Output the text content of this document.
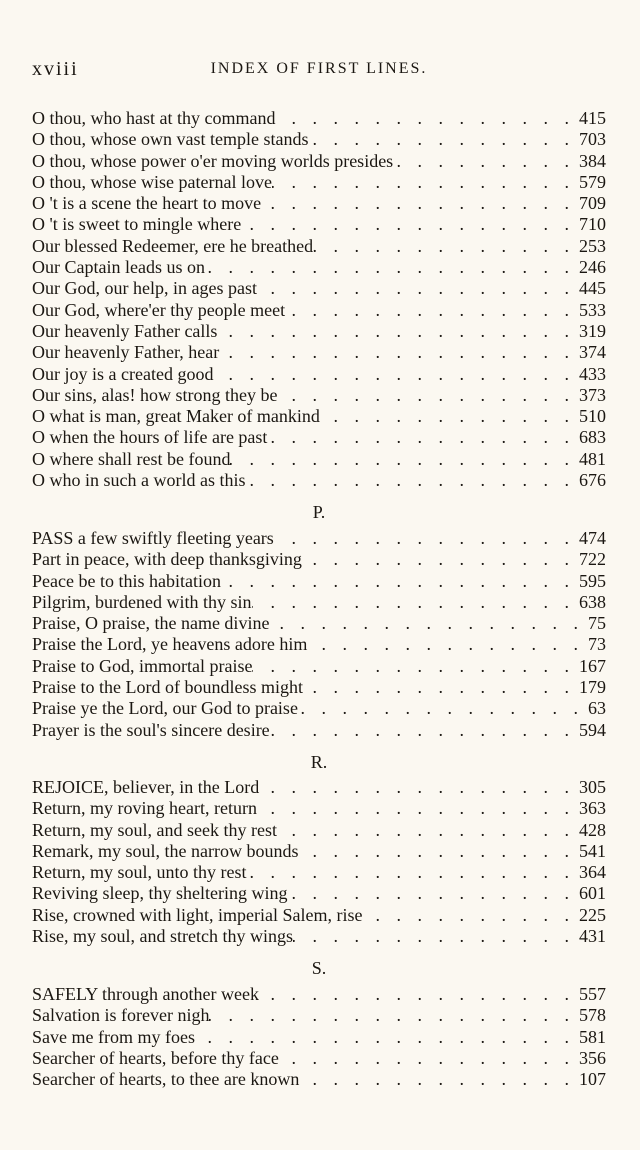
xviii	INDEX OF FIRST LINES.
O thou, who hast at thy command . . .	415
O thou, whose own vast temple stands . . .	703
O thou, whose power o'er moving worlds presides . . .	384
O thou, whose wise paternal love . . .	579
O 't is a scene the heart to move . . .	709
O 't is sweet to mingle where . . .	710
Our blessed Redeemer, ere he breathed . . .	253
Our Captain leads us on . . .	246
Our God, our help, in ages past . . .	445
Our God, where'er thy people meet . . .	533
Our heavenly Father calls . . .	319
Our heavenly Father, hear . . .	374
Our joy is a created good . . .	433
Our sins, alas! how strong they be . . .	373
O what is man, great Maker of mankind . . .	510
O when the hours of life are past . . .	683
O where shall rest be found . . .	481
O who in such a world as this . . .	676
P.
PASS a few swiftly fleeting years . . .	474
Part in peace, with deep thanksgiving . . .	722
Peace be to this habitation . . .	595
Pilgrim, burdened with thy sin . . .	638
Praise, O praise, the name divine . . .	75
Praise the Lord, ye heavens adore him . . .	73
Praise to God, immortal praise . . .	167
Praise to the Lord of boundless might . . .	179
Praise ye the Lord, our God to praise . . .	63
Prayer is the soul's sincere desire . . .	594
R.
REJOICE, believer, in the Lord . . .	305
Return, my roving heart, return . . .	363
Return, my soul, and seek thy rest . . .	428
Remark, my soul, the narrow bounds . . .	541
Return, my soul, unto thy rest . . .	364
Reviving sleep, thy sheltering wing . . .	601
Rise, crowned with light, imperial Salem, rise . . .	225
Rise, my soul, and stretch thy wings . . .	431
S.
SAFELY through another week . . .	557
Salvation is forever nigh . . .	578
Save me from my foes . . .	581
Searcher of hearts, before thy face . . .	356
Searcher of hearts, to thee are known . . .	107
